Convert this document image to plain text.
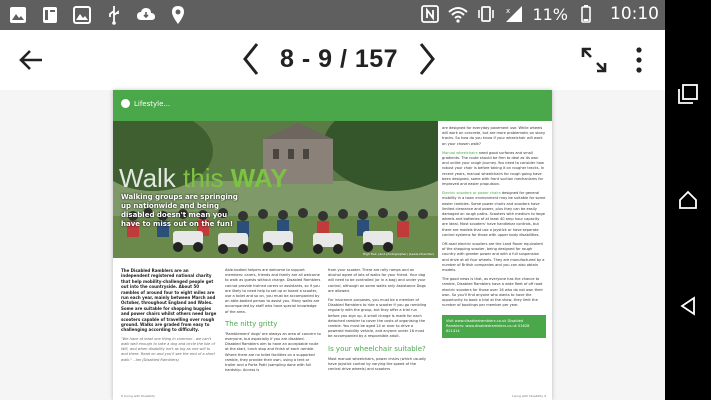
x 11% 10:10
8 - 9 / 157
Lifestyle...
Walk this WAY
Walking groups are springing up nationwide and being disabled doesn't mean you have to miss out on the fun!
High five: (and photographer) (Lewis-Chandler)
The Disabled Ramblers are an independent registered national charity that help mobility-challenged people get out into the countryside. About 50 rambles of around four to eight miles are run each year, mainly between March and October, throughout England and Wales. Some are suitable for shopping buggies and power chairs whilst others need large scooters capable of travelling over rough ground. Walks are graded from easy to challenging according to difficulty.
"We have at least one thing in common - we can't walk well enough to take a dog and circle the Isle of Will, and when disability isn't as big as one will to and there. Read on and you'll see the end of a short walk." - Ian (Disabled Ramblers)
Able-bodied helpers are welcome to support members: carers, friends and family are all welcome to walk as guests without charge. Disabled Ramblers cannot provide trained carers or assistants, so if you are likely to need help to set up or board a scooter, use a toilet and so on, you must be accompanied by an able-bodied person to assist you. Many walks are accompanied by staff who have special knowledge of the area.
The nitty gritty
'Ramblement' dogs' are always an area of concern to everyone, but especially if you are disabled. Disabled Ramblers aim to have an acceptable route at the start, lunch stop and finish of each ramble. Where there are no toilet facilities on a supported ramble, they provide their own, using a tent or trailer and a Porta Potti (sampling done with full hardship. Access is
from your scooter. There are rally ramps and an alcohol agree of lots of walks for your friend. Your dog will need to be controlled (or in a bag) and under your control, although on some walks only Assistance Dogs are allowed.
For insurance purposes, you must be a member of Disabled Ramblers to ride a scooter if you go rambling regularly with the group, but they offer a trial run before you sign up. A small charge is made for each detached rambler to cover the costs of organising the ramble. You must be aged 14 or over to drive a powered mobility vehicle, and anyone under 16 must be accompanied by a responsible adult.
Is your wheelchair suitable?
Most manual wheelchairs, power chairs (which usually have joystick control by varying the speed of the central drive wheels) and scooters
are designed for everyday pavement use. While wheels will work on concrete, but are more problematic on stony tracks. So how do you know if your wheelchair will work on your chosen walk?
Manual wheelchairs need good surfaces and small gradients. The route should be firm to deal as its own and unlike your rough journey. You need to consider how robust your chair is before taking it on rougher tracks. In recent years, manual wheelchairs for rough going have been designed, some with front suction mechanisms for improved and easier propulsion.
Electric scooters or power chairs designed for general mobility in a town environment may be suitable for some easier rambles. Some power chairs and scooters have limited clearance and power, plus they can be easily damaged on rough paths. Scooters with medium to large wheels and batteries of at least 40 amp hour capacity are ideal. Most scooters' have handlebar controls, but there are models that use a joystick or have separate control systems for those with upper body disabilities.
Off-road electric scooters are the Land Rover equivalent of the shopping scooter, being designed for rough country with greater power and with a full suspension and drive at all four wheels. They are manufactured by a number of British companies and you can also obtain models.
The good news is that, as everyone has the chance to ramble, Disabled Ramblers have a wide fleet of off road electric scooters for those over 16 who do not own their own. So you'll find anyone who wants to have the opportunity to book a trial at the show, they limit the number of bookings per member per year.
Visit www.disabledramblers.co.uk Disabled Ramblers: www.disabledramblers.co.uk 01628 621414
8 Living with Disability	Living with Disability 9
